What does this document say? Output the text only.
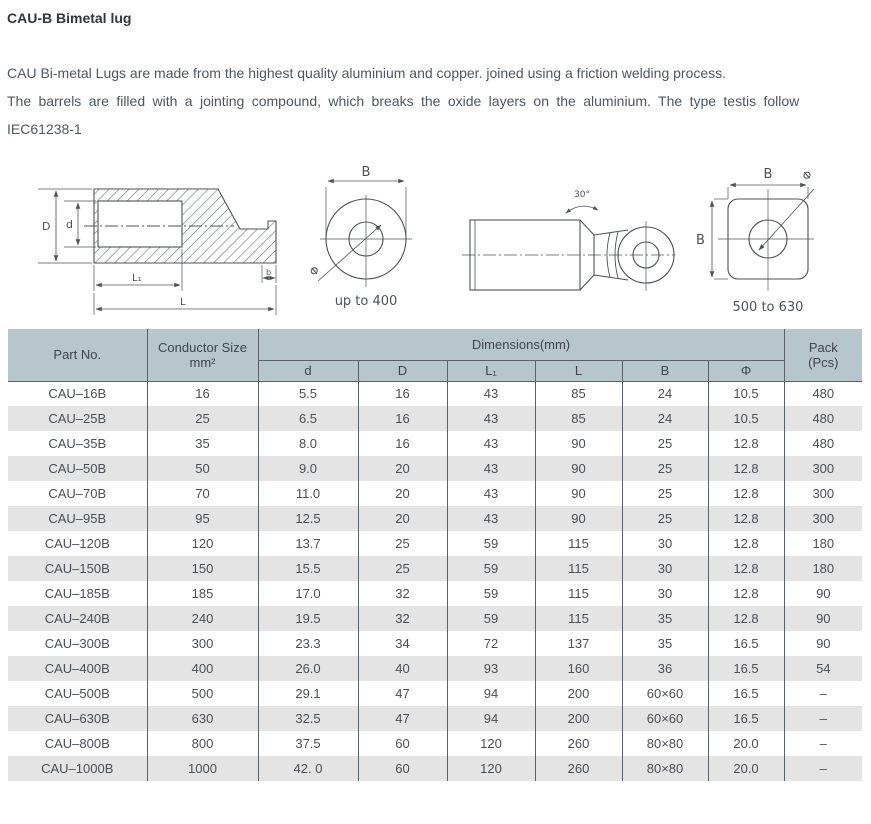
CAU-B Bimetal lug
CAU Bi-metal Lugs are made from the highest quality aluminium and copper. joined using a friction welding process.
The barrels are filled with a jointing compound, which breaks the oxide layers on the aluminium. The type testis follow
IEC61238-1
D d
L₁
b
L
B
Φ
up to 400
30°
B
B
Φ
500 to 630
Part No.	Conductor Size
mm²
	Dimensions(mm)	Pack
(Pcs)

		d	D	L₁	L	B	Φ	
CAU–16B	16	5.5	16	43	85	24	10.5	480
CAU–25B	25	6.5	16	43	85	24	10.5	480
CAU–35B	35	8.0	16	43	90	25	12.8	480
CAU–50B	50	9.0	20	43	90	25	12.8	300
CAU–70B	70	11.0	20	43	90	25	12.8	300
CAU–95B	95	12.5	20	43	90	25	12.8	300
CAU–120B	120	13.7	25	59	115	30	12.8	180
CAU–150B	150	15.5	25	59	115	30	12.8	180
CAU–185B	185	17.0	32	59	115	30	12.8	90
CAU–240B	240	19.5	32	59	115	35	12.8	90
CAU–300B	300	23.3	34	72	137	35	16.5	90
CAU–400B	400	26.0	40	93	160	36	16.5	54
CAU–500B	500	29.1	47	94	200	60×60	16.5	–
CAU–630B	630	32.5	47	94	200	60×60	16.5	–
CAU–800B	800	37.5	60	120	260	80×80	20.0	–
CAU–1000B	1000	42. 0	60	120	260	80×80	20.0	–
